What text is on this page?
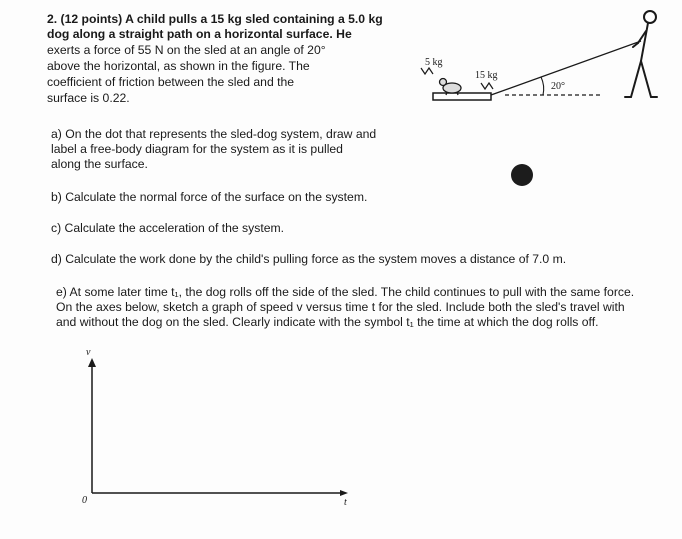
2. (12 points) A child pulls a 15 kg sled containing a 5.0 kg
dog along a straight path on a horizontal surface. He
exerts a force of 55 N on the sled at an angle of 20°
above the horizontal, as shown in the figure. The
coefficient of friction between the sled and the
surface is 0.22.
5 kg
15 kg
20°
a) On the dot that represents the sled-dog system, draw and
label a free-body diagram for the system as it is pulled
along the surface.
b) Calculate the normal force of the surface on the system.
c) Calculate the acceleration of the system.
d) Calculate the work done by the child's pulling force as the system moves a distance of 7.0 m.
e) At some later time t₁, the dog rolls off the side of the sled. The child continues to pull with the same force.
On the axes below, sketch a graph of speed v versus time t for the sled. Include both the sled's travel with
and without the dog on the sled. Clearly indicate with the symbol t₁ the time at which the dog rolls off.
v
t
0
